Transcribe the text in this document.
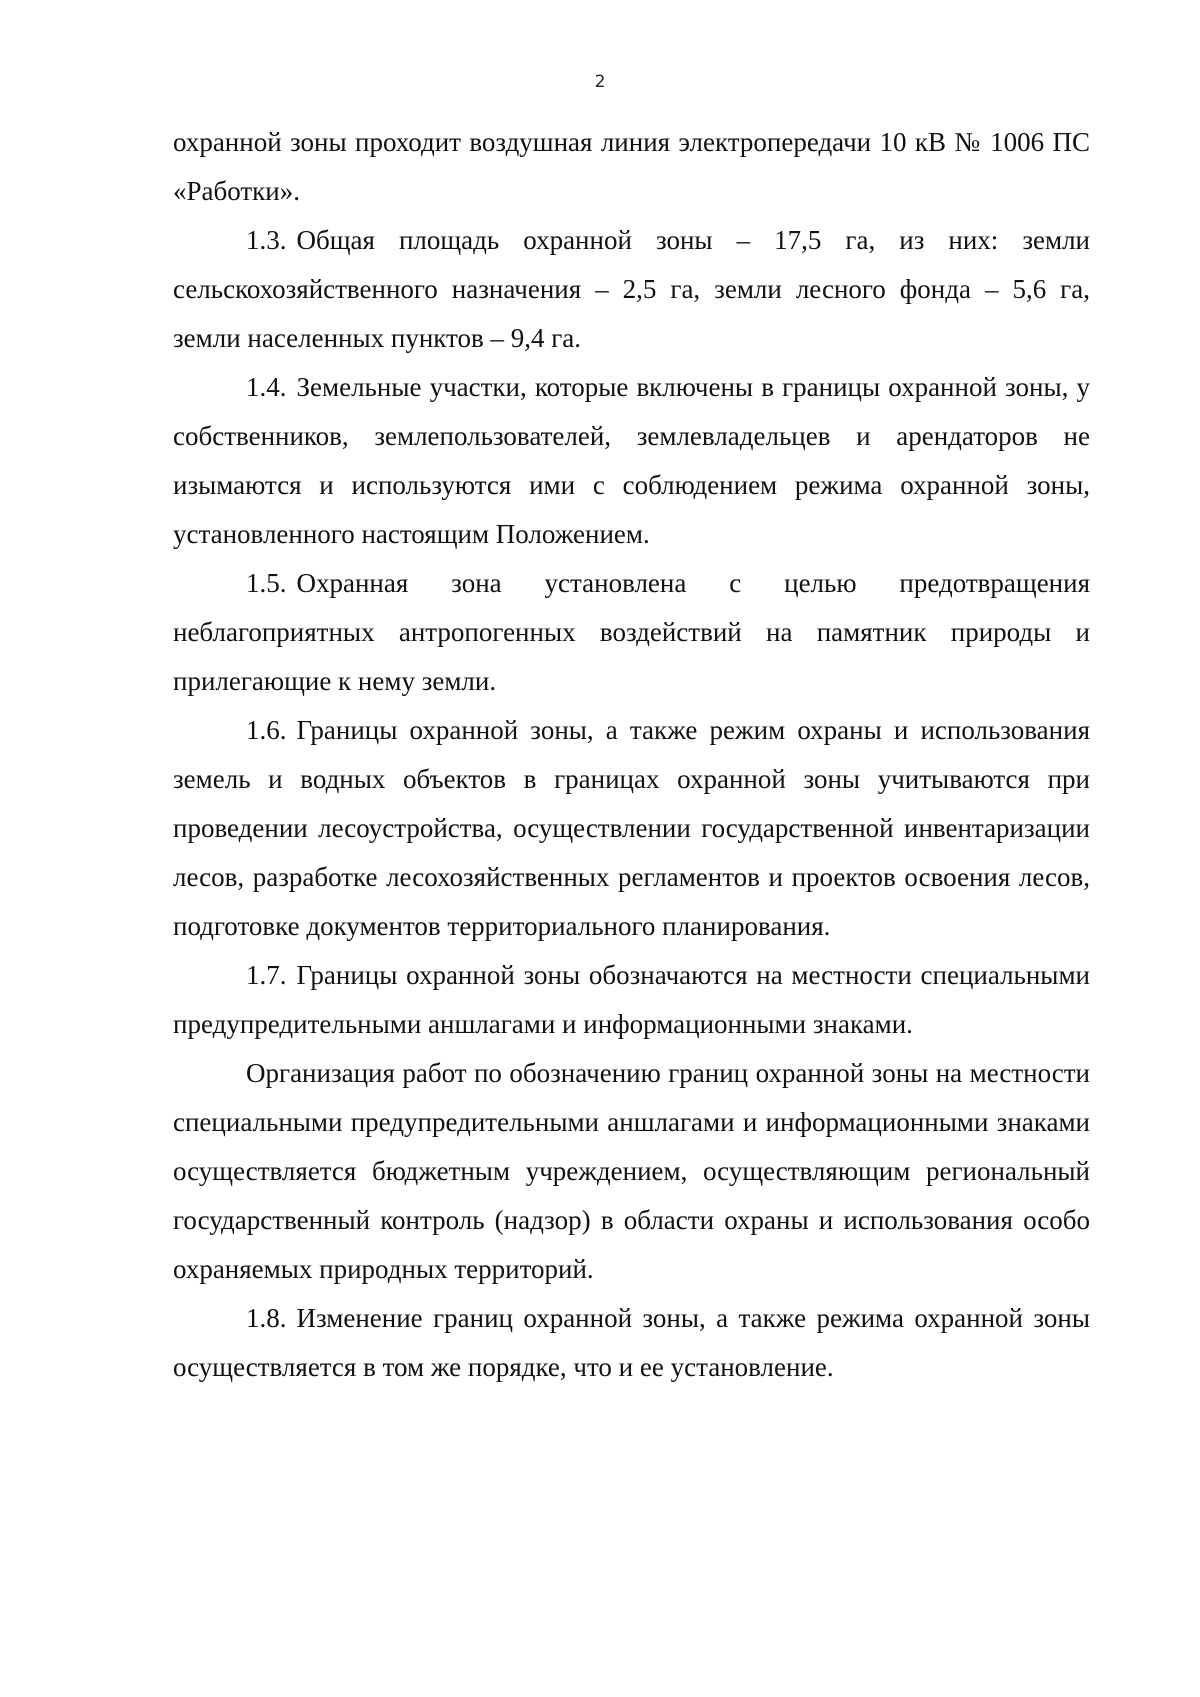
2

охранной зоны проходит воздушная линия электропередачи 10 кВ № 1006 ПС «Работки».

1.3. Общая площадь охранной зоны – 17,5 га, из них: земли сельскохозяйственного назначения – 2,5 га, земли лесного фонда – 5,6 га, земли населенных пунктов – 9,4 га.

1.4. Земельные участки, которые включены в границы охранной зоны, у собственников, землепользователей, землевладельцев и арендаторов не изымаются и используются ими с соблюдением режима охранной зоны, установленного настоящим Положением.

1.5. Охранная зона установлена с целью предотвращения неблагоприятных антропогенных воздействий на памятник природы и прилегающие к нему земли.

1.6. Границы охранной зоны, а также режим охраны и использования земель и водных объектов в границах охранной зоны учитываются при проведении лесоустройства, осуществлении государственной инвентаризации лесов, разработке лесохозяйственных регламентов и проектов освоения лесов, подготовке документов территориального планирования.

1.7. Границы охранной зоны обозначаются на местности специальными предупредительными аншлагами и информационными знаками.

Организация работ по обозначению границ охранной зоны на местности специальными предупредительными аншлагами и информационными знаками осуществляется бюджетным учреждением, осуществляющим региональный государственный контроль (надзор) в области охраны и использования особо охраняемых природных территорий.

1.8. Изменение границ охранной зоны, а также режима охранной зоны осуществляется в том же порядке, что и ее установление.
